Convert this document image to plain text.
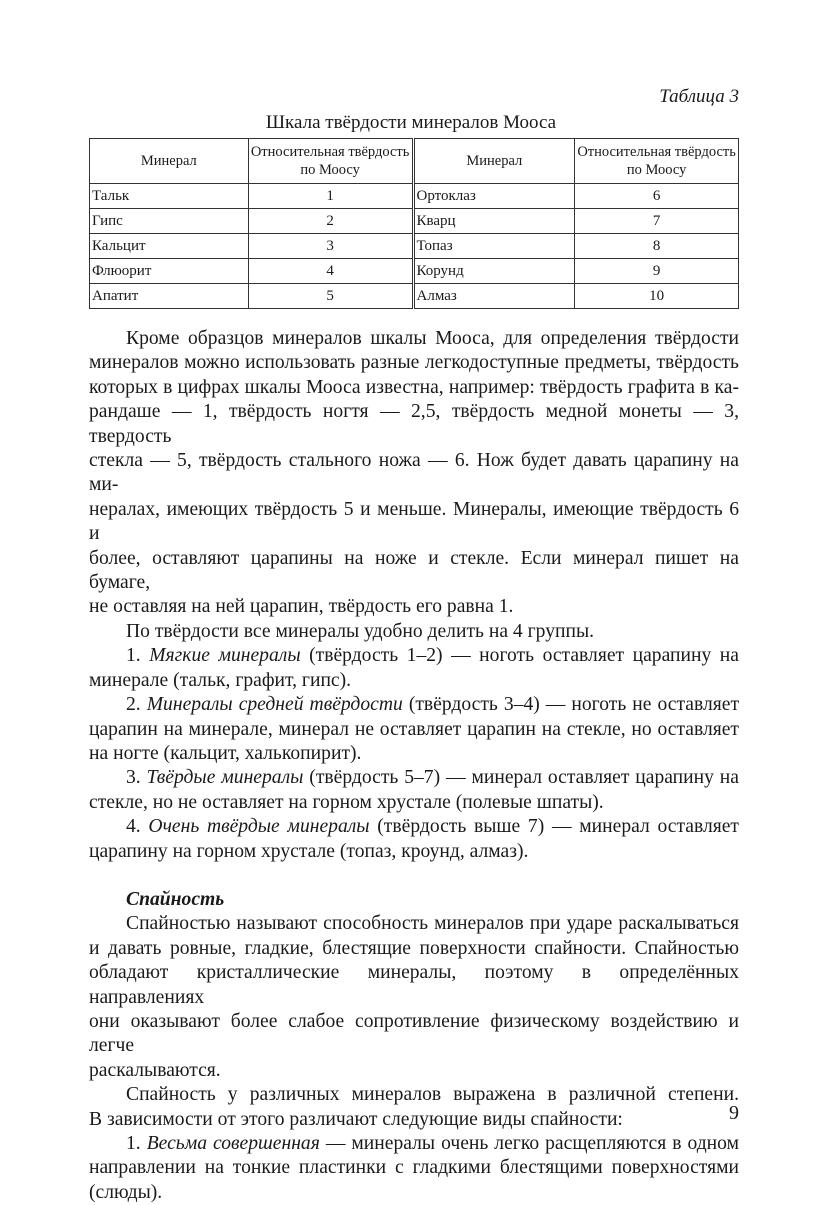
Таблица 3
Шкала твёрдости минералов Мооса
Минерал	Относительная твёрдость по Моосу	Минерал	Относительная твёрдость по Моосу
Тальк	1	Ортоклаз	6
Гипс	2	Кварц	7
Кальцит	3	Топаз	8
Флюорит	4	Корунд	9
Апатит	5	Алмаз	10

Кроме образцов минералов шкалы Мооса, для определения твёрдости

минералов можно использовать разные легкодоступные предметы, твёрдость

которых в цифрах шкалы Мооса известна, например: твёрдость графита в ка-

рандаше — 1, твёрдость ногтя — 2,5, твёрдость медной монеты — 3, твердость

стекла — 5, твёрдость стального ножа — 6. Нож будет давать царапину на ми-

нералах, имеющих твёрдость 5 и меньше. Минералы, имеющие твёрдость 6 и

более, оставляют царапины на ноже и стекле. Если минерал пишет на бумаге,

не оставляя на ней царапин, твёрдость его равна 1.

По твёрдости все минералы удобно делить на 4 группы.

1. Мягкие минералы (твёрдость 1–2) — ноготь оставляет царапину на

минерале (тальк, графит, гипс).

2. Минералы средней твёрдости (твёрдость 3–4) — ноготь не оставляет

царапин на минерале, минерал не оставляет царапин на стекле, но оставляет

на ногте (кальцит, халькопирит).

3. Твёрдые минералы (твёрдость 5–7) — минерал оставляет царапину на

стекле, но не оставляет на горном хрустале (полевые шпаты).

4. Очень твёрдые минералы (твёрдость выше 7) — минерал оставляет

царапину на горном хрустале (топаз, кроунд, алмаз).

Спайность

Спайностью называют способность минералов при ударе раскалываться

и давать ровные, гладкие, блестящие поверхности спайности. Спайностью

обладают кристаллические минералы, поэтому в определённых направлениях

они оказывают более слабое сопротивление физическому воздействию и легче

раскалываются.

Спайность у различных минералов выражена в различной степени.

В зависимости от этого различают следующие виды спайности:

1. Весьма совершенная — минералы очень легко расщепляются в одном

направлении на тонкие пластинки с гладкими блестящими поверхностями

(слюды).

9
